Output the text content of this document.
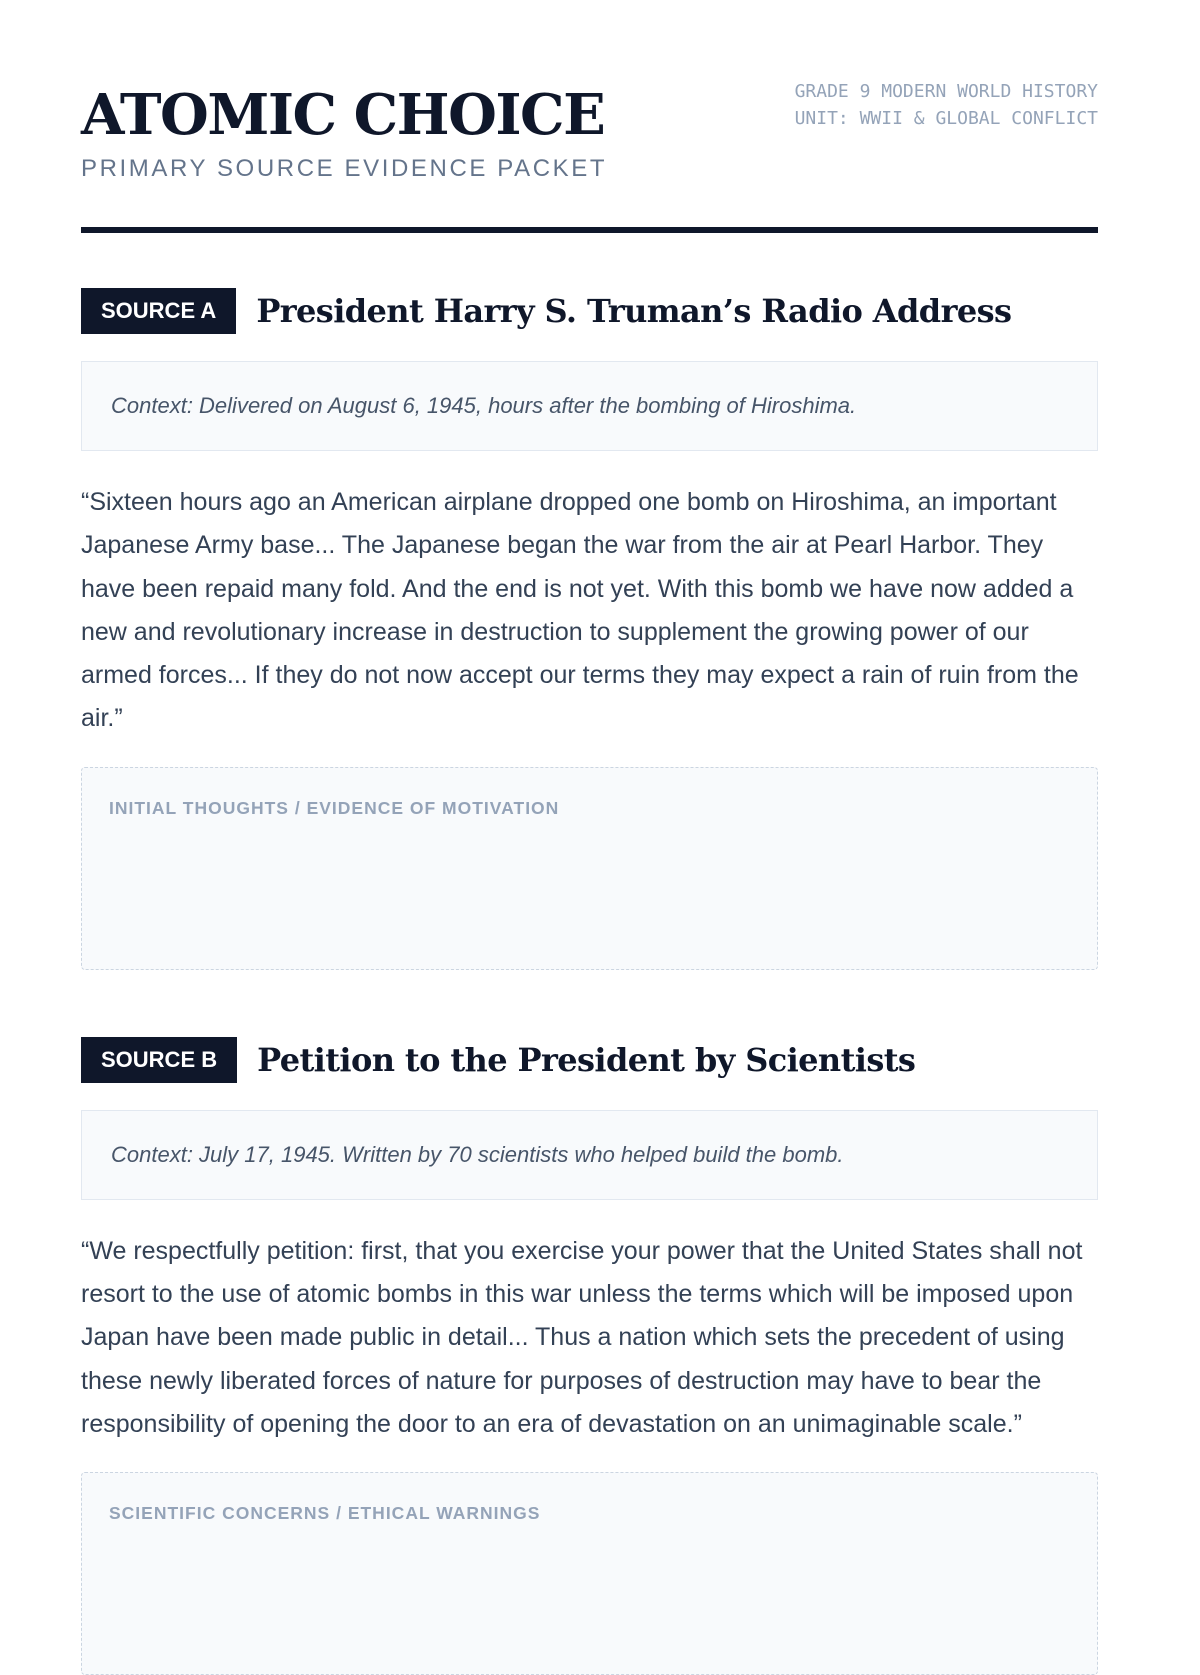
ATOMIC CHOICE
PRIMARY SOURCE EVIDENCE PACKET
GRADE 9 MODERN WORLD HISTORY
UNIT: WWII & GLOBAL CONFLICT
SOURCE A	President Harry S. Truman’s Radio Address
Context: Delivered on August 6, 1945, hours after the bombing of Hiroshima.

“Sixteen hours ago an American airplane dropped one bomb on Hiroshima, an important Japanese Army base... The Japanese began the war from the air at Pearl Harbor. They have been repaid many fold. And the end is not yet. With this bomb we have now added a new and revolutionary increase in destruction to supplement the growing power of our armed forces... If they do not now accept our terms they may expect a rain of ruin from the air.”

INITIAL THOUGHTS / EVIDENCE OF MOTIVATION
SOURCE B	Petition to the President by Scientists
Context: July 17, 1945. Written by 70 scientists who helped build the bomb.

“We respectfully petition: first, that you exercise your power that the United States shall not resort to the use of atomic bombs in this war unless the terms which will be imposed upon Japan have been made public in detail... Thus a nation which sets the precedent of using these newly liberated forces of nature for purposes of destruction may have to bear the responsibility of opening the door to an era of devastation on an unimaginable scale.”

SCIENTIFIC CONCERNS / ETHICAL WARNINGS
